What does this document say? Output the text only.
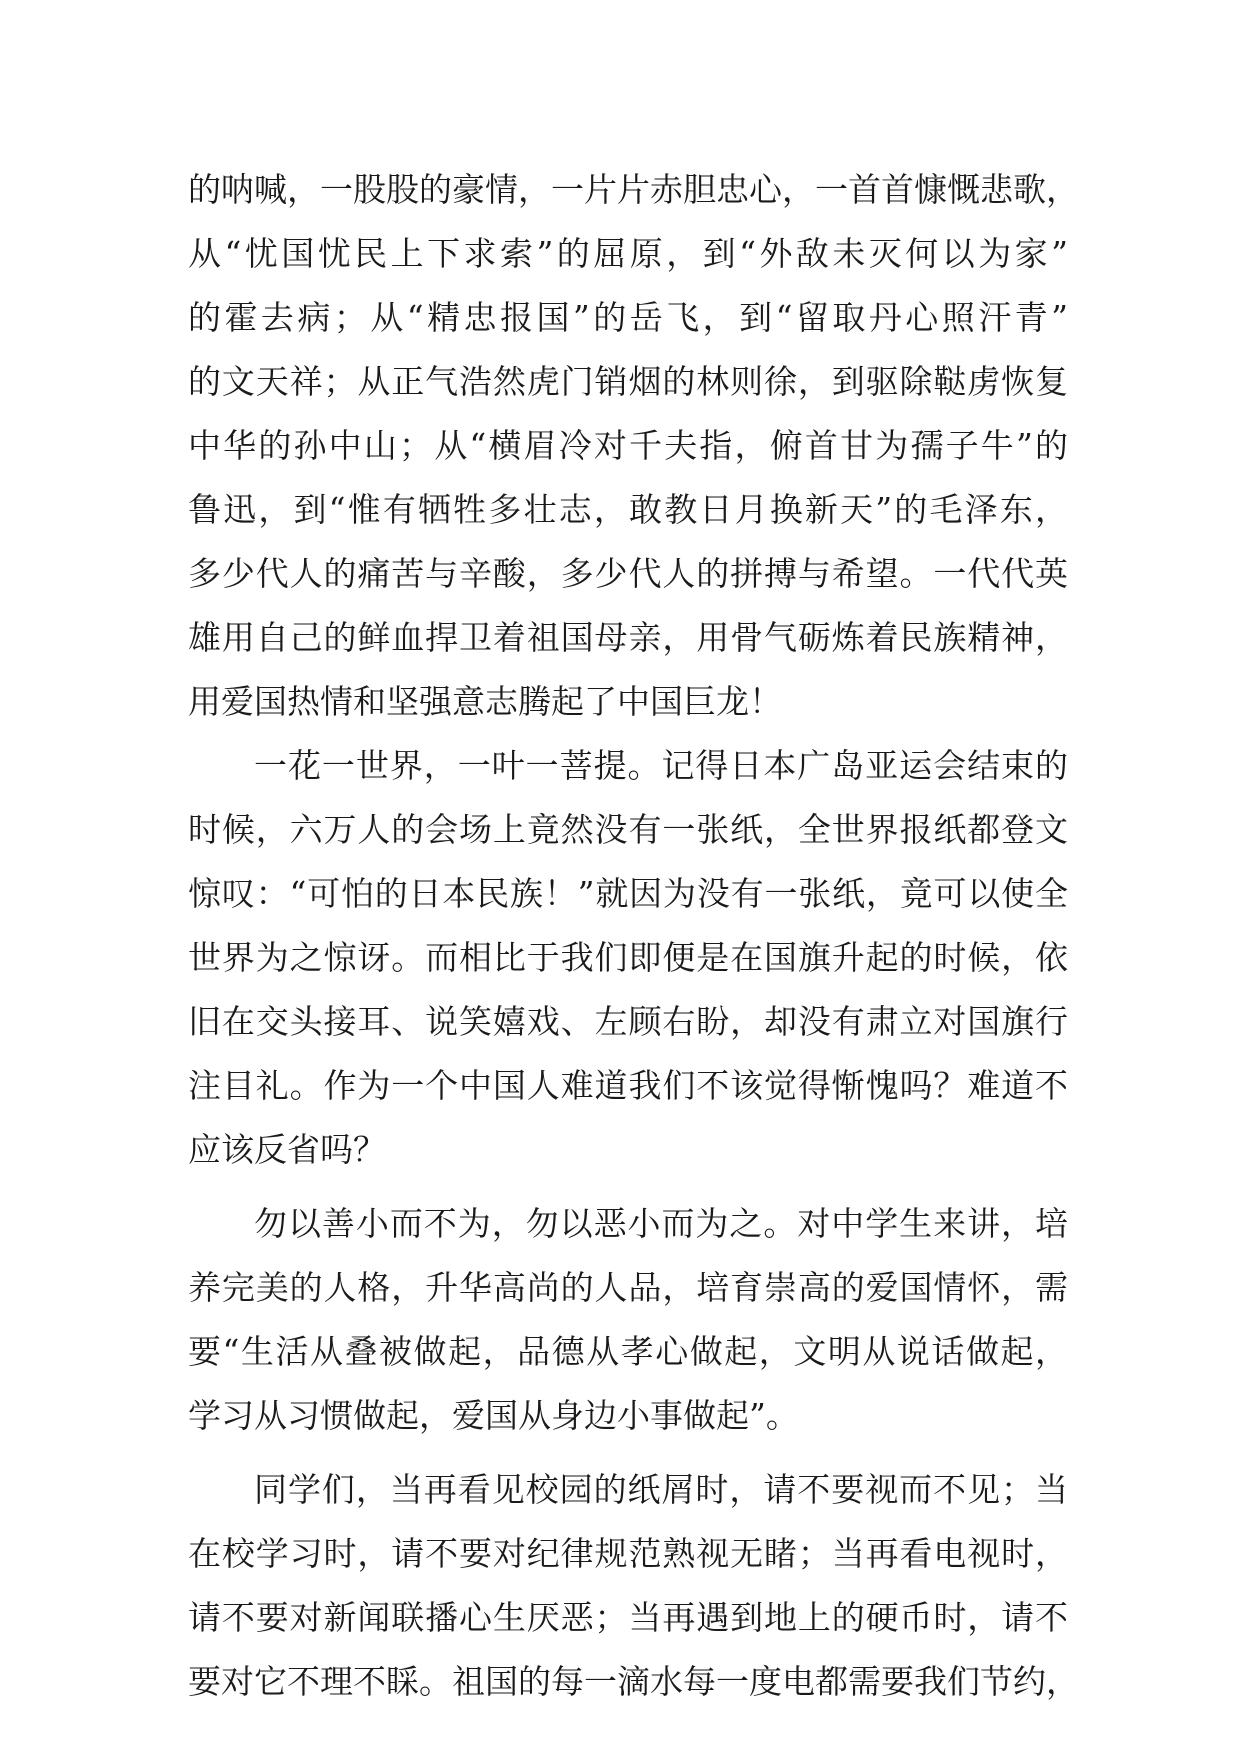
的呐喊，一股股的豪情，一片片赤胆忠心，一首首慷慨悲歌，
从“忧国忧民上下求索”的屈原，到“外敌未灭何以为家”
的霍去病；从“精忠报国”的岳飞，到“留取丹心照汗青”
的文天祥；从正气浩然虎门销烟的林则徐，到驱除鞑虏恢复
中华的孙中山；从“横眉冷对千夫指，俯首甘为孺子牛”的
鲁迅，到“惟有牺牲多壮志，敢教日月换新天”的毛泽东，
多少代人的痛苦与辛酸，多少代人的拼搏与希望。一代代英
雄用自己的鲜血捍卫着祖国母亲，用骨气砺炼着民族精神，
用爱国热情和坚强意志腾起了中国巨龙！
一花一世界，一叶一菩提。记得日本广岛亚运会结束的
时候，六万人的会场上竟然没有一张纸，全世界报纸都登文
惊叹：“可怕的日本民族！”就因为没有一张纸，竟可以使全
世界为之惊讶。而相比于我们即便是在国旗升起的时候，依
旧在交头接耳、说笑嬉戏、左顾右盼，却没有肃立对国旗行
注目礼。作为一个中国人难道我们不该觉得惭愧吗？难道不
应该反省吗？
勿以善小而不为，勿以恶小而为之。对中学生来讲，培
养完美的人格，升华高尚的人品，培育崇高的爱国情怀，需
要“生活从叠被做起，品德从孝心做起，文明从说话做起，
学习从习惯做起，爱国从身边小事做起”。
同学们，当再看见校园的纸屑时，请不要视而不见；当
在校学习时，请不要对纪律规范熟视无睹；当再看电视时，
请不要对新闻联播心生厌恶；当再遇到地上的硬币时，请不
要对它不理不睬。祖国的每一滴水每一度电都需要我们节约，
